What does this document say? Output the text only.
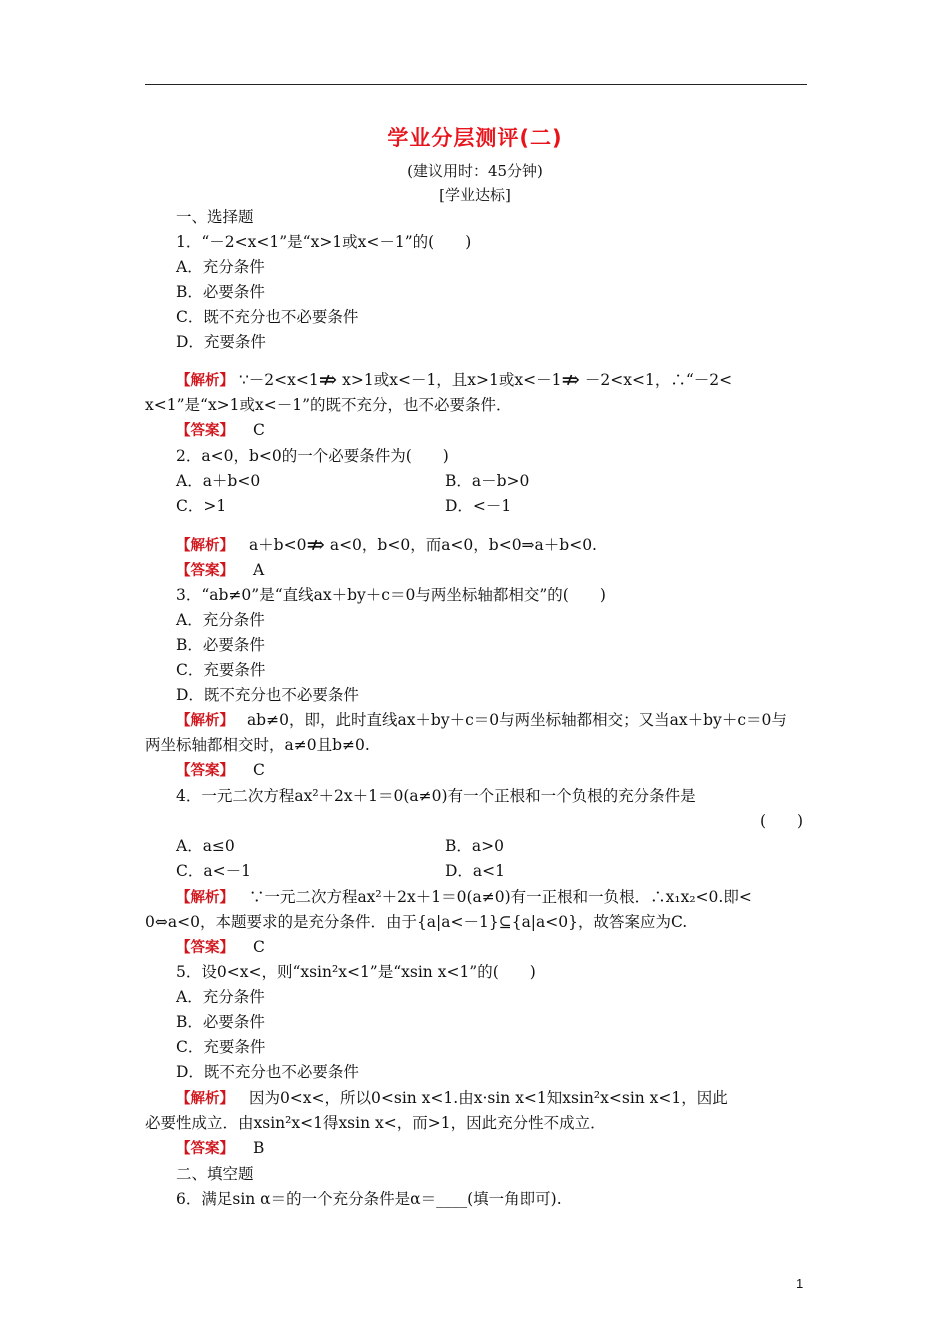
学业分层测评(二)
(建议用时：45分钟)
[学业达标]
一、选择题
1．“－2<x<1”是“x>1或x<－1”的(　　)
A．充分条件
B．必要条件
C．既不充分也不必要条件
D．充要条件
【解析】 ∵－2<x<1⇏ x>1或x<－1，且x>1或x<－1⇏ －2<x<1，∴“－2<
x<1”是“x>1或x<－1”的既不充分，也不必要条件．
【答案】 C
2．a<0，b<0的一个必要条件为(　　)
A．a＋b<0	B．a－b>0
C．>1	D．<－1
【解析】 a＋b<0⇏ a<0，b<0，而a<0，b<0⇒a＋b<0.
【答案】 A
3．“ab≠0”是“直线ax＋by＋c＝0与两坐标轴都相交”的(　　)
A．充分条件
B．必要条件
C．充要条件
D．既不充分也不必要条件
【解析】 ab≠0，即，此时直线ax＋by＋c＝0与两坐标轴都相交；又当ax＋by＋c＝0与
两坐标轴都相交时，a≠0且b≠0.
【答案】 C
4．一元二次方程ax²＋2x＋1＝0(a≠0)有一个正根和一个负根的充分条件是
(　　)
A．a≤0	B．a>0
C．a<－1	D．a<1
【解析】 ∵一元二次方程ax²＋2x＋1＝0(a≠0)有一正根和一负根．∴x₁x₂<0.即<
0⇔a<0，本题要求的是充分条件．由于{a|a<－1}⊆{a|a<0}，故答案应为C.
【答案】 C
5．设0<x<，则“xsin²x<1”是“xsin x<1”的(　　)
A．充分条件
B．必要条件
C．充要条件
D．既不充分也不必要条件
【解析】 因为0<x<，所以0<sin x<1.由x·sin x<1知xsin²x<sin x<1，因此
必要性成立．由xsin²x<1得xsin x<，而>1，因此充分性不成立．
【答案】 B
二、填空题
6．满足sin α＝的一个充分条件是α＝____(填一角即可).
1
